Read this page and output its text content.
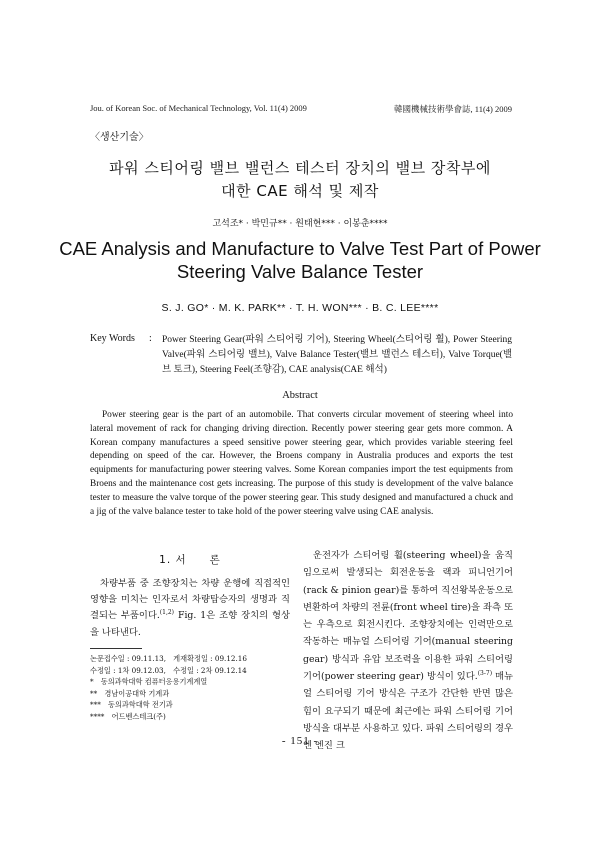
Jou. of Korean Soc. of Mechanical Technology, Vol. 11(4) 2009	韓國機械技術學會誌, 11(4) 2009
〈생산기술〉
파워 스티어링 밸브 밸런스 테스터 장치의 밸브 장착부에
대한 CAE 해석 및 제작
고석조* · 박민규** · 원태현*** · 이봉춘****
CAE Analysis and Manufacture to Valve Test Part of Power
Steering Valve Balance Tester
S. J. GO* · M. K. PARK** · T. H. WON*** · B. C. LEE****
Key Words : Power Steering Gear(파워 스티어링 기어), Steering Wheel(스티어링 휠), Power Steering Valve(파워 스티어링 밸브), Valve Balance Tester(밸브 밸런스 테스터), Valve Torque(밸브 토크), Steering Feel(조향감), CAE analysis(CAE 해석)
Abstract
Power steering gear is the part of an automobile. That converts circular movement of steering wheel into lateral movement of rack for changing driving direction. Recently power steering gear gets more common. A Korean company manufactures a speed sensitive power steering gear, which provides variable steering feel depending on speed of the car. However, the Broens company in Australia produces and exports the test equipments for manufacturing power steering valves. Some Korean companies import the test equipments from Broens and the maintenance cost gets increasing. The purpose of this study is development of the valve balance tester to measure the valve torque of the power steering gear. This study designed and manufactured a chuck and a jig of the valve balance tester to take hold of the power steering valve using CAE analysis.
1. 서　　론
차량부품 중 조향장치는 차량 운행에 직접적인 영향을 미치는 인자로서 차량탑승자의 생명과 직결되는 부품이다.$^{(1,2)}$ Fig. 1은 조향 장치의 형상을 나타낸다.
논문접수일 : 09.11.13,　게재확정일 : 09.12.16
수정일 : 1차 09.12.03,　수정일 : 2차 09.12.14
*　동의과학대학 컴퓨터응용기계계열
**　경남이공대학 기계과
***　동의과학대학 전기과
****　어드벤스테크(주)
운전자가 스티어링 휠(steering wheel)을 움직임으로써 발생되는 회전운동을 랙과 피니언기어(rack & pinion gear)를 통하여 직선왕복운동으로 변환하여 차량의 전륜(front wheel tire)을 좌측 또는 우측으로 회전시킨다. 조향장치에는 인력만으로 작동하는 매뉴얼 스티어링 기어(manual steering gear) 방식과 유압 보조력을 이용한 파워 스티어링 기어(power steering gear) 방식이 있다.$^{(3-7)}$ 매뉴얼 스티어링 기어 방식은 구조가 간단한 반면 많은 힘이 요구되기 때문에 최근에는 파워 스티어링 기어 방식을 대부분 사용하고 있다. 파워 스티어링의 경우엔 엔진 크
- 151 -
